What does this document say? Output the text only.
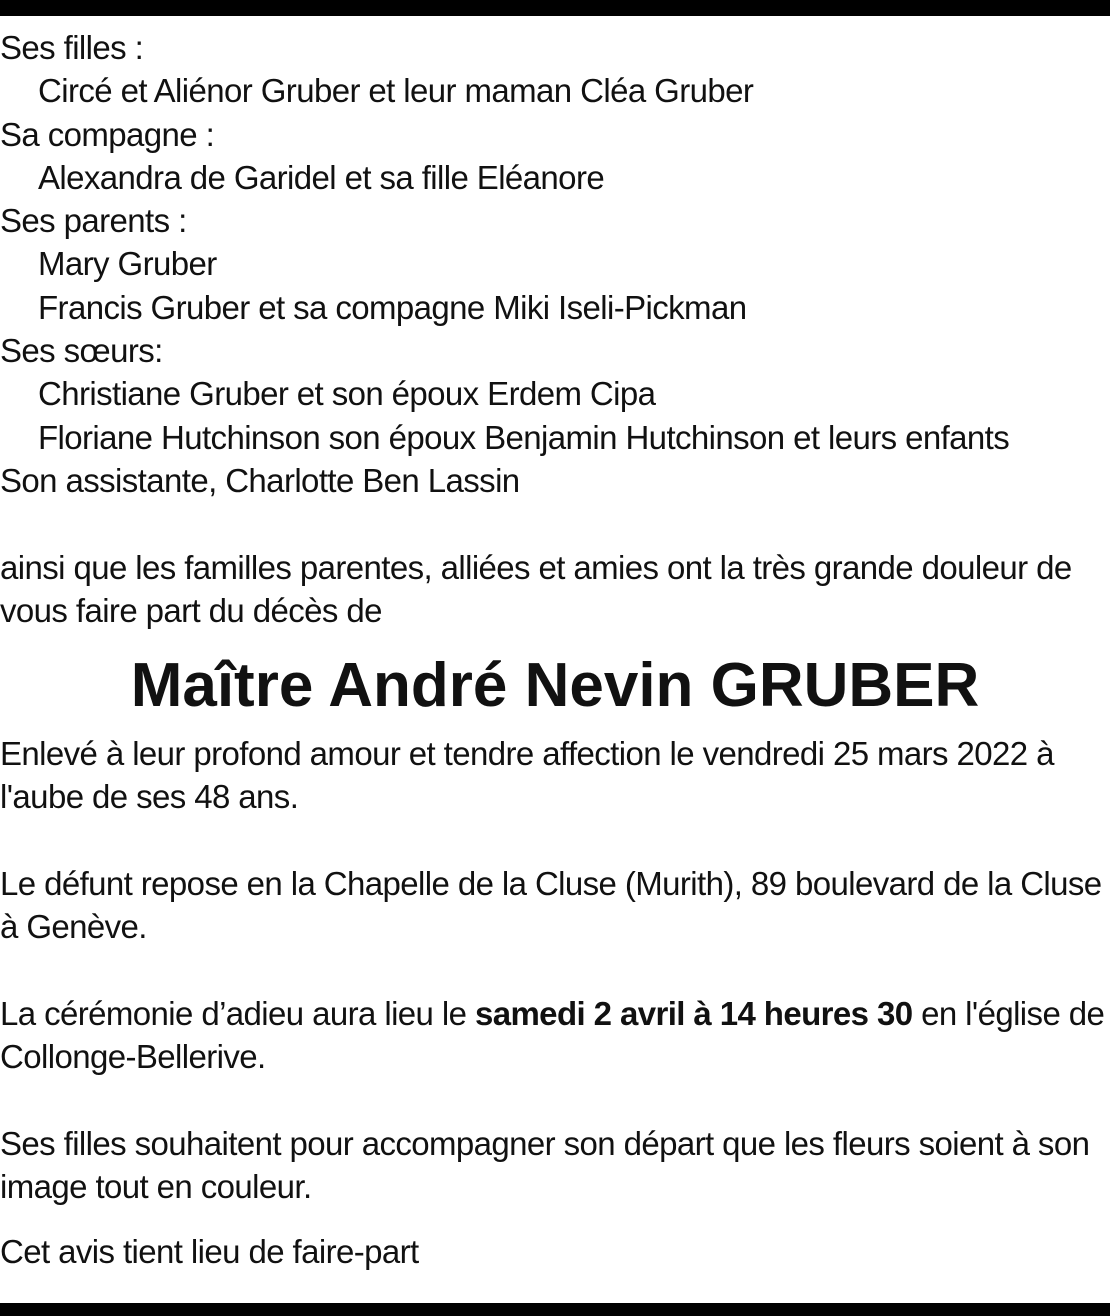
Ses filles :
Circé et Aliénor Gruber et leur maman Cléa Gruber
Sa compagne :
Alexandra de Garidel et sa fille Eléanore
Ses parents :
Mary Gruber
Francis Gruber et sa compagne Miki Iseli-Pickman
Ses sœurs:
Christiane Gruber et son époux Erdem Cipa
Floriane Hutchinson son époux Benjamin Hutchinson et leurs enfants
Son assistante, Charlotte Ben Lassin
ainsi que les familles parentes, alliées et amies ont la très grande douleur de
vous faire part du décès de
Maître André Nevin GRUBER
Enlevé à leur profond amour et tendre affection le vendredi 25 mars 2022 à
l'aube de ses 48 ans.
Le défunt repose en la Chapelle de la Cluse (Murith), 89 boulevard de la Cluse
à Genève.
La cérémonie d’adieu aura lieu le samedi 2 avril à 14 heures 30 en l'église de
Collonge-Bellerive.
Ses filles souhaitent pour accompagner son départ que les fleurs soient à son
image tout en couleur.
Cet avis tient lieu de faire-part
